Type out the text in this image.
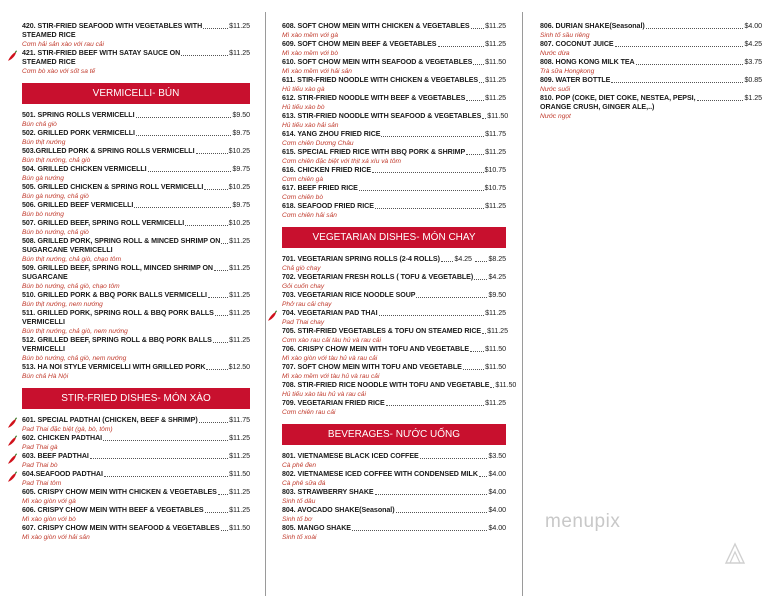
420. STIR-FRIED SEAFOOD WITH VEGETABLES WITH	$11.25
STEAMED RICE
Cơm hải sản xào với rau cải
421. STIR-FRIED BEEF WITH SATAY SAUCE ON	$11.25
STEAMED RICE
Cơm bò xào với sốt sa tế
VERMICELLI- BÚN
501. SPRING ROLLS VERMICELLI	$9.50
Bún chả giò
502. GRILLED PORK VERMICELLI	$9.75
Bún thịt nướng
503.GRILLED PORK & SPRING ROLLS VERMICELLI	$10.25
Bún thịt nướng, chả giò
504. GRILLED CHICKEN VERMICELLI	$9.75
Bún gà nướng
505. GRILLED CHICKEN & SPRING ROLL VERMICELLI	$10.25
Bún gà nướng, chả giò
506. GRILLED BEEF VERMICELLI	$9.75
Bún bò nướng
507. GRILLED BEEF, SPRING ROLL VERMICELLI	$10.25
Bún bò nướng, chả giò
508. GRILLED PORK, SPRING ROLL & MINCED SHRIMP ON $11.25
SUGARCANE VERMICELLI
Bún thịt nướng, chả giò, chạo tôm
509. GRILLED BEEF, SPRING ROLL, MINCED SHRIMP ON $11.25
SUGARCANE
Bún bò nướng, chả giò, chạo tôm
510. GRILLED PORK & BBQ PORK BALLS VERMICELLI	$11.25
Bún thịt nướng, nem nướng
511. GRILLED PORK, SPRING ROLL & BBQ PORK BALLS $11.25
VERMICELLI
Bún thịt nướng, chả giò, nem nướng
512. GRILLED BEEF, SPRING ROLL & BBQ PORK BALLS $11.25
VERMICELLI
Bún bò nướng, chả giò, nem nướng
513. HA NOI STYLE VERMICELLI WITH GRILLED PORK	$12.50
Bún chả Hà Nội
STIR-FRIED DISHES- MÓN XÀO
601. SPECIAL PADTHAI (CHICKEN, BEEF & SHRIMP)	$11.75
Pad Thai đặc biệt (gà, bò, tôm)
602. CHICKEN PADTHAI	$11.25
Pad Thai gà
603. BEEF PADTHAI	$11.25
Pad Thai bò
604.SEAFOOD PADTHAI	$11.50
Pad Thai tôm
605. CRISPY CHOW MEIN WITH CHICKEN & VEGETABLES $11.25
Mì xào giòn với gà
606. CRISPY CHOW MEIN WITH BEEF & VEGETABLES	$11.25
Mì xào giòn với bò
607. CRISPY CHOW MEIN WITH SEAFOOD & VEGETABLES $11.50
Mì xào giòn với hải sản
608. SOFT CHOW MEIN WITH CHICKEN & VEGETABLES $11.25
Mì xào mềm với gà
609. SOFT CHOW MEIN BEEF & VEGETABLES	$11.25
Mì xào mềm với bò
610. SOFT CHOW MEIN WITH SEAFOOD & VEGETABLES $11.50
Mì xào mềm với hải sản
611. STIR-FRIED NOODLE WITH CHICKEN & VEGETABLES $11.25
Hủ tiếu xào gà
612. STIR-FRIED NOODLE WITH BEEF & VEGETABLES	$11.25
Hủ tiếu xào bò
613. STIR-FRIED NOODLE WITH SEAFOOD & VEGETABLES $11.50
Hủ tiếu xào hải sản
614. YANG ZHOU FRIED RICE	$11.75
Cơm chiên Dương Châu
615. SPECIAL FRIED RICE WITH BBQ PORK & SHRIMP	$11.25
Cơm chiên đặc biệt với thịt xá xíu và tôm
616. CHICKEN FRIED RICE	$10.75
Cơm chiên gà
617. BEEF FRIED RICE	$10.75
Cơm chiên bò
618. SEAFOOD FRIED RICE	$11.25
Cơm chiên hải sản
VEGETARIAN DISHES- MÓN CHAY
701. VEGETARIAN SPRING ROLLS (2-4 ROLLS) $4.25 $8.25
Chả giò chay
702. VEGETARIAN FRESH ROLLS ( TOFU & VEGETABLE) $4.25
Gỏi cuốn chay
703. VEGETARIAN RICE NOODLE SOUP	$9.50
Phở rau cải chay
704. VEGETARIAN PAD THAI	$11.25
Pad Thai chay
705. STIR-FRIED VEGETABLES & TOFU ON STEAMED RICE $11.25
Cơm xào rau cải tàu hủ và rau cải
706. CRISPY CHOW MEIN WITH TOFU AND VEGETABLE $11.50
Mì xào giòn với tàu hủ và rau cải
707. SOFT CHOW MEIN WITH TOFU AND VEGETABLE	$11.50
Mì xào mềm với tàu hủ và rau cải
708. STIR-FRIED RICE NOODLE WITH TOFU AND VEGETABLE $11.50
Hủ tiếu xào tàu hủ và rau cải
709. VEGETARIAN FRIED RICE	$11.25
Cơm chiên rau cải
BEVERAGES- NƯỚC UỐNG
801. VIETNAMESE BLACK ICED COFFEE	$3.50
Cà phê đen
802. VIETNAMESE ICED COFFEE WITH CONDENSED MILK $4.00
Cà phê sữa đá
803. STRAWBERRY SHAKE	$4.00
Sinh tố dâu
804. AVOCADO SHAKE(Seasonal)	$4.00
Sinh tố bơ
805. MANGO SHAKE	$4.00
Sinh tố xoài
806. DURIAN SHAKE(Seasonal)	$4.00
Sinh tố sầu riêng
807. COCONUT JUICE	$4.25
Nước dừa
808. HONG KONG MILK TEA	$3.75
Trà sữa Hongkong
809. WATER BOTTLE	$0.85
Nước suối
810. POP (COKE, DIET COKE, NESTEA, PEPSI,	$1.25
ORANGE CRUSH, GINGER ALE,..)
Nước ngọt
menupix
